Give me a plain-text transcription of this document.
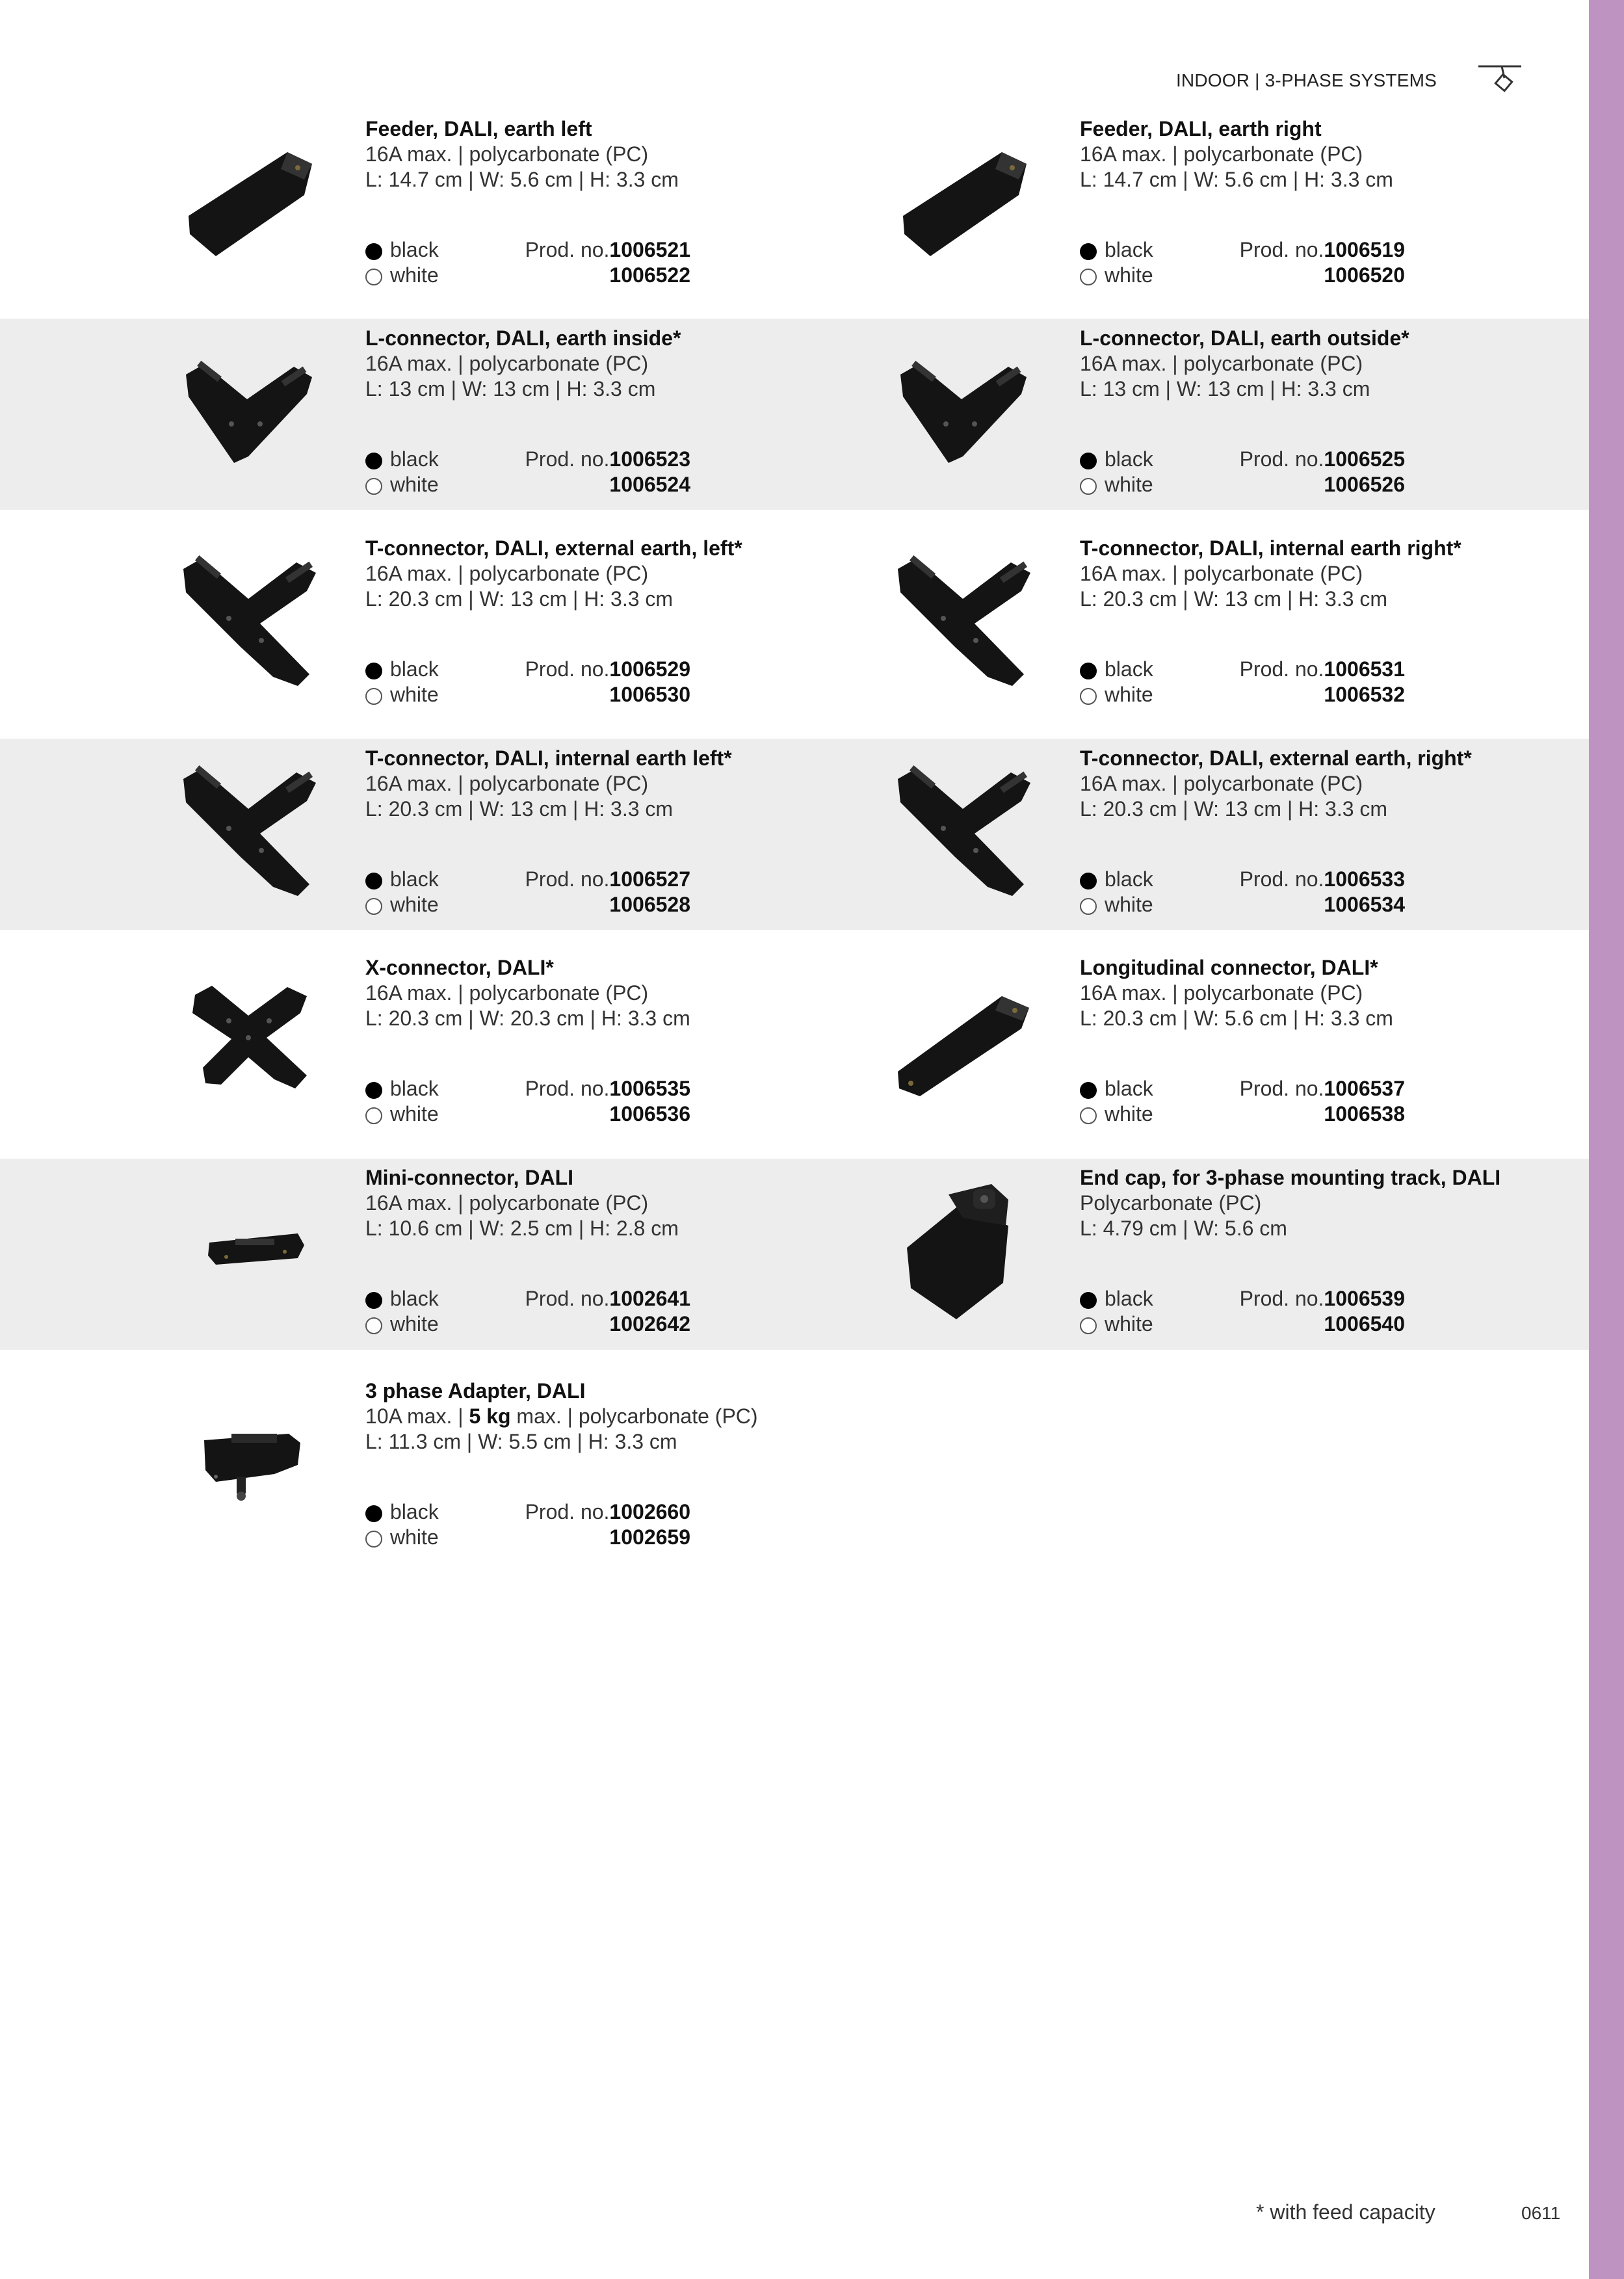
INDOOR | 3-PHASE SYSTEMS
Feeder, DALI, earth left
16A max. | polycarbonate (PC)
L: 14.7 cm | W: 5.6 cm | H: 3.3 cm
black	Prod. no.1006521
white	1006522
Feeder, DALI, earth right
16A max. | polycarbonate (PC)
L: 14.7 cm | W: 5.6 cm | H: 3.3 cm
black	Prod. no.1006519
white	1006520
L-connector, DALI, earth inside*
16A max. | polycarbonate (PC)
L: 13 cm | W: 13 cm | H: 3.3 cm
black	Prod. no.1006523
white	1006524
L-connector, DALI, earth outside*
16A max. | polycarbonate (PC)
L: 13 cm | W: 13 cm | H: 3.3 cm
black	Prod. no.1006525
white	1006526
T-connector, DALI, external earth, left*
16A max. | polycarbonate (PC)
L: 20.3 cm | W: 13 cm | H: 3.3 cm
black	Prod. no.1006529
white	1006530
T-connector, DALI, internal earth right*
16A max. | polycarbonate (PC)
L: 20.3 cm | W: 13 cm | H: 3.3 cm
black	Prod. no.1006531
white	1006532
T-connector, DALI, internal earth left*
16A max. | polycarbonate (PC)
L: 20.3 cm | W: 13 cm | H: 3.3 cm
black	Prod. no.1006527
white	1006528
T-connector, DALI, external earth, right*
16A max. | polycarbonate (PC)
L: 20.3 cm | W: 13 cm | H: 3.3 cm
black	Prod. no.1006533
white	1006534
X-connector, DALI*
16A max. | polycarbonate (PC)
L: 20.3 cm | W: 20.3 cm | H: 3.3 cm
black	Prod. no.1006535
white	1006536
Longitudinal connector, DALI*
16A max. | polycarbonate (PC)
L: 20.3 cm | W: 5.6 cm | H: 3.3 cm
black	Prod. no.1006537
white	1006538
Mini-connector, DALI
16A max. | polycarbonate (PC)
L: 10.6 cm | W: 2.5 cm | H: 2.8 cm
black	Prod. no.1002641
white	1002642
End cap, for 3-phase mounting track, DALI
Polycarbonate (PC)
L: 4.79 cm | W: 5.6 cm
black	Prod. no.1006539
white	1006540
3 phase Adapter, DALI
10A max. | 5 kg max. | polycarbonate (PC)
L: 11.3 cm | W: 5.5 cm | H: 3.3 cm
black	Prod. no.1002660
white	1002659
* with feed capacity	0611
